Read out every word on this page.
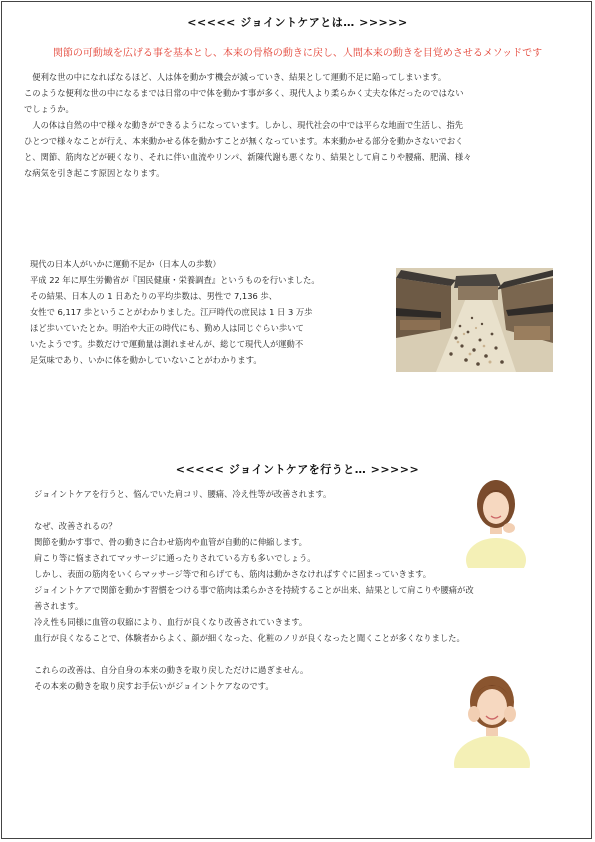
<<<<< ジョイントケアとは… >>>>>
関節の可動域を広げる事を基本とし、本来の骨格の動きに戻し、人間本来の動きを目覚めさせるメソッドです
　便利な世の中になればなるほど、人は体を動かす機会が減っていき、結果として運動不足に陥ってしまいます。
このような便利な世の中になるまでは日常の中で体を動かす事が多く、現代人より柔らかく丈夫な体だったのではない
でしょうか。
　人の体は自然の中で様々な動きができるようになっています。しかし、現代社会の中では平らな地面で生活し、指先
ひとつで様々なことが行え、本来動かせる体を動かすことが無くなっています。本来動かせる部分を動かさないでおく
と、関節、筋肉などが硬くなり、それに伴い血流やリンパ、新陳代謝も悪くなり、結果として肩こりや腰痛、肥満、様々
な病気を引き起こす原因となります。
現代の日本人がいかに運動不足か（日本人の歩数）
平成 22 年に厚生労働省が『国民健康・栄養調査』というものを行いました。
その結果、日本人の 1 日あたりの平均歩数は、男性で 7,136 歩、
女性で 6,117 歩ということがわかりました。江戸時代の庶民は 1 日 3 万歩
ほど歩いていたとか。明治や大正の時代にも、勤め人は同じぐらい歩いて
いたようです。歩数だけで運動量は測れませんが、総じて現代人が運動不
足気味であり、いかに体を動かしていないことがわかります。
<<<<< ジョイントケアを行うと… >>>>>
ジョイントケアを行うと、悩んでいた肩コリ、腰痛、冷え性等が改善されます。

なぜ、改善されるの？
関節を動かす事で、骨の動きに合わせ筋肉や血管が自動的に伸縮します。
肩こり等に悩まされてマッサージに通ったりされている方も多いでしょう。
しかし、表面の筋肉をいくらマッサージ等で和らげても、筋肉は動かさなければすぐに固まっていきます。
ジョイントケアで関節を動かす習慣をつける事で筋肉は柔らかさを持続することが出来、結果として肩こりや腰痛が改
善されます。
冷え性も同様に血管の収縮により、血行が良くなり改善されていきます。
血行が良くなることで、体験者からよく、顔が細くなった、化粧のノリが良くなったと聞くことが多くなりました。
これらの改善は、自分自身の本来の動きを取り戻しただけに過ぎません。
その本来の動きを取り戻すお手伝いがジョイントケアなのです。
